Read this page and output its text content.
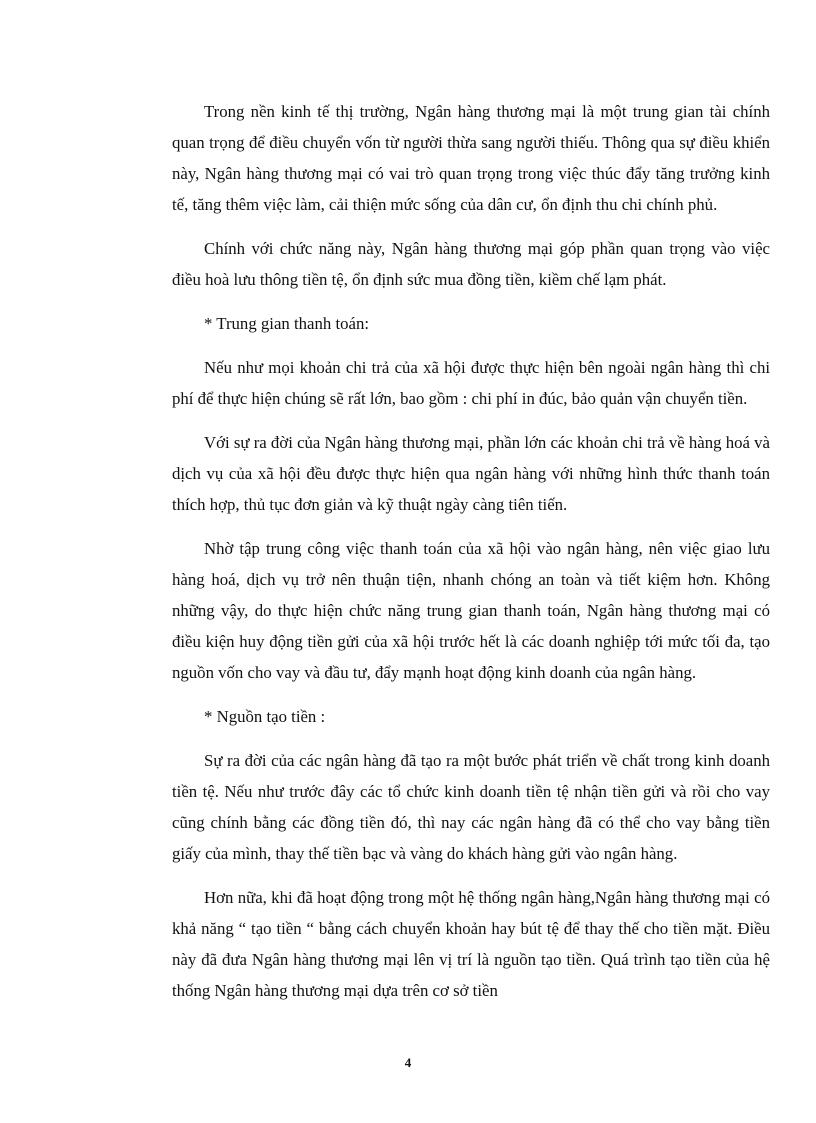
Trong nền kinh tế thị trường, Ngân hàng thương mại là một trung gian tài chính quan trọng để điều chuyển vốn từ người thừa sang người thiếu. Thông qua sự điều khiển này, Ngân hàng thương mại có vai trò quan trọng trong việc thúc đẩy tăng trưởng kinh tế, tăng thêm việc làm, cải thiện mức sống của dân cư, ổn định thu chi chính phủ.

Chính với chức năng này, Ngân hàng thương mại góp phần quan trọng vào việc điều hoà lưu thông tiền tệ, ổn định sức mua đồng tiền, kiềm chế lạm phát.

* Trung gian thanh toán:

Nếu như mọi khoản chi trả của xã hội được thực hiện bên ngoài ngân hàng thì chi phí để thực hiện chúng sẽ rất lớn, bao gồm : chi phí in đúc, bảo quản vận chuyển tiền.

Với sự ra đời của Ngân hàng thương mại, phần lớn các khoản chi trả về hàng hoá và dịch vụ của xã hội đều được thực hiện qua ngân hàng với những hình thức thanh toán thích hợp, thủ tục đơn giản và kỹ thuật ngày càng tiên tiến.

Nhờ tập trung công việc thanh toán của xã hội vào ngân hàng, nên việc giao lưu hàng hoá, dịch vụ trở nên thuận tiện, nhanh chóng an toàn và tiết kiệm hơn. Không những vậy, do thực hiện chức năng trung gian thanh toán, Ngân hàng thương mại có điều kiện huy động tiền gửi của xã hội trước hết là các doanh nghiệp tới mức tối đa, tạo nguồn vốn cho vay và đầu tư, đẩy mạnh hoạt động kinh doanh của ngân hàng.

* Nguồn tạo tiền :

Sự ra đời của các ngân hàng đã tạo ra một bước phát triển về chất trong kinh doanh tiền tệ. Nếu như trước đây các tổ chức kinh doanh tiền tệ nhận tiền gửi và rồi cho vay cũng chính bằng các đồng tiền đó, thì nay các ngân hàng đã có thể cho vay bằng tiền giấy của mình, thay thế tiền bạc và vàng do khách hàng gửi vào ngân hàng.

Hơn nữa, khi đã hoạt động trong một hệ thống ngân hàng,Ngân hàng thương mại có khả năng “ tạo tiền “ bằng cách chuyển khoản hay bút tệ để thay thế cho tiền mặt. Điều này đã đưa Ngân hàng thương mại lên vị trí là nguồn tạo tiền. Quá trình tạo tiền của hệ thống Ngân hàng thương mại dựa trên cơ sở tiền

4
